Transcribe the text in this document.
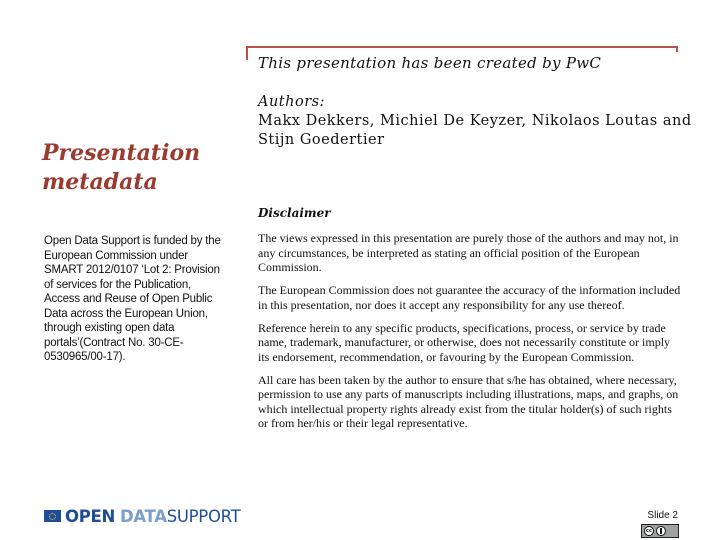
This presentation has been created by PwC
Authors:
Makx Dekkers, Michiel De Keyzer, Nikolaos Loutas and Stijn Goedertier
Presentation
metadata
Disclaimer
Open Data Support is funded by the European Commission under SMART 2012/0107 ‘Lot 2: Provision of services for the Publication, Access and Reuse of Open Public Data across the European Union, through existing open data portals’(Contract No. 30-CE-0530965/00-17).

The views expressed in this presentation are purely those of the authors and may not, in any circumstances, be interpreted as stating an official position of the European Commission.

The European Commission does not guarantee the accuracy of the information included in this presentation, nor does it accept any responsibility for any use thereof.

Reference herein to any specific products, specifications, process, or service by trade name, trademark, manufacturer, or otherwise, does not necessarily constitute or imply its endorsement, recommendation, or favouring by the European Commission.

All care has been taken by the author to ensure that s/he has obtained, where necessary, permission to use any parts of manuscripts including illustrations, maps, and graphs, on which intellectual property rights already exist from the titular holder(s) of such rights or from her/his or their legal representative.

OPEN DATASUPPORT	Slide 2
cc
